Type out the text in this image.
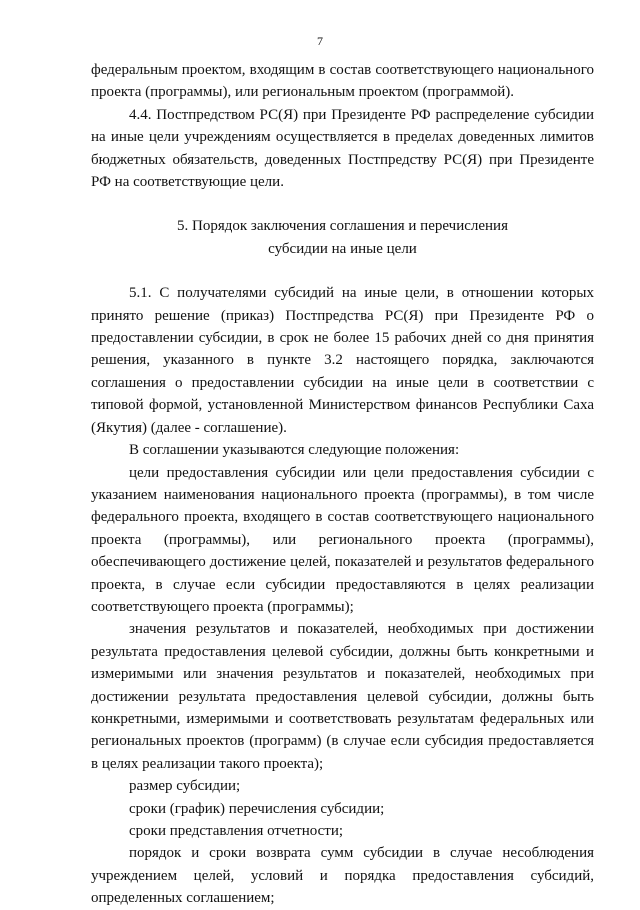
7

федеральным проектом, входящим в состав соответствующего национального проекта (программы), или региональным проектом (программой).

4.4. Постпредством РС(Я) при Президенте РФ распределение субсидии на иные цели учреждениям осуществляется в пределах доведенных лимитов бюджетных обязательств, доведенных Постпредству РС(Я) при Президенте РФ на соответствующие цели.

5. Порядок заключения соглашения и перечисления
субсидии на иные цели

5.1. С получателями субсидий на иные цели, в отношении которых принято решение (приказ) Постпредства РС(Я) при Президенте РФ о предоставлении субсидии, в срок не более 15 рабочих дней со дня принятия решения, указанного в пункте 3.2 настоящего порядка, заключаются соглашения о предоставлении субсидии на иные цели в соответствии с типовой формой, установленной Министерством финансов Республики Саха (Якутия) (далее - соглашение).

В соглашении указываются следующие положения:

цели предоставления субсидии или цели предоставления субсидии с указанием наименования национального проекта (программы), в том числе федерального проекта, входящего в состав соответствующего национального проекта (программы), или регионального проекта (программы), обеспечивающего достижение целей, показателей и результатов федерального проекта, в случае если субсидии предоставляются в целях реализации соответствующего проекта (программы);

значения результатов и показателей, необходимых при достижении результата предоставления целевой субсидии, должны быть конкретными и измеримыми или значения результатов и показателей, необходимых при достижении результата предоставления целевой субсидии, должны быть конкретными, измеримыми и соответствовать результатам федеральных или региональных проектов (программ) (в случае если субсидия предоставляется в целях реализации такого проекта);

размер субсидии;

сроки (график) перечисления субсидии;

сроки представления отчетности;

порядок и сроки возврата сумм субсидии в случае несоблюдения учреждением целей, условий и порядка предоставления субсидий, определенных соглашением;
